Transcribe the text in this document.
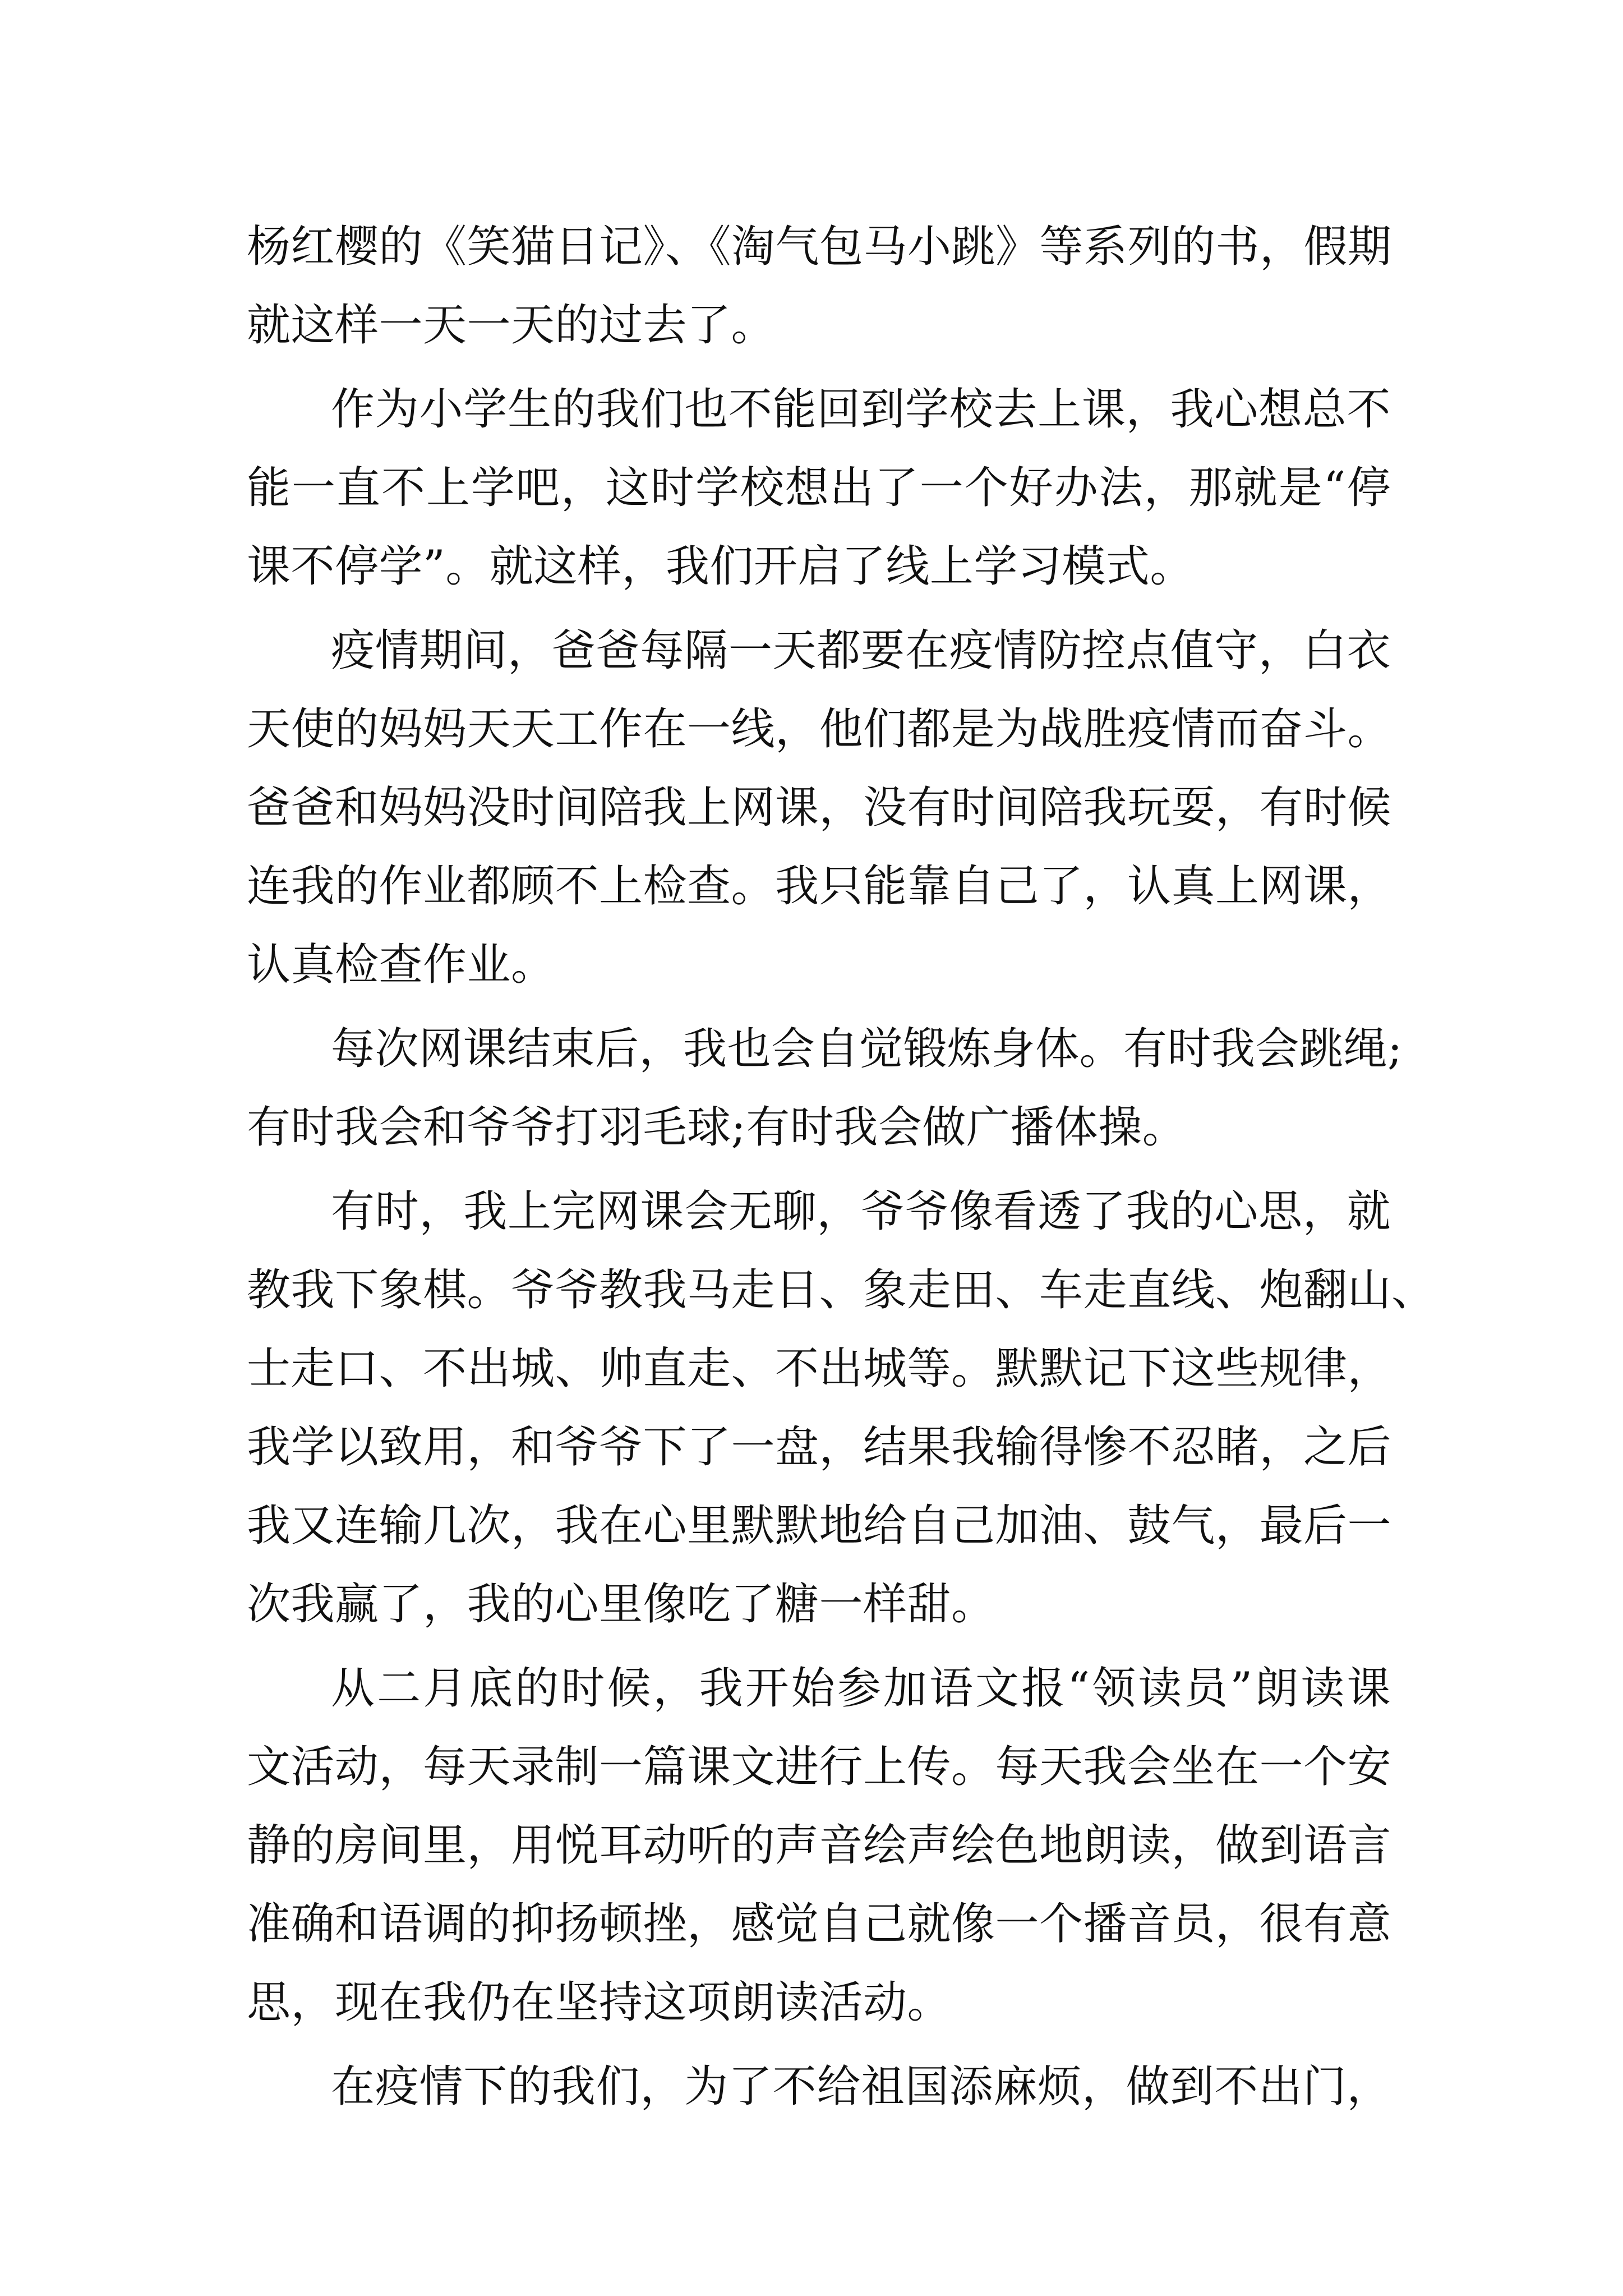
杨红樱的《笑猫日记》、《淘气包马小跳》等系列的书，假期
就这样一天一天的过去了。
作为小学生的我们也不能回到学校去上课，我心想总不
能一直不上学吧，这时学校想出了一个好办法，那就是“停
课不停学”。就这样，我们开启了线上学习模式。
疫情期间，爸爸每隔一天都要在疫情防控点值守，白衣
天使的妈妈天天工作在一线，他们都是为战胜疫情而奋斗。
爸爸和妈妈没时间陪我上网课，没有时间陪我玩耍，有时候
连我的作业都顾不上检查。我只能靠自己了，认真上网课，
认真检查作业。
每次网课结束后，我也会自觉锻炼身体。有时我会跳绳;
有时我会和爷爷打羽毛球;有时我会做广播体操。
有时，我上完网课会无聊，爷爷像看透了我的心思，就
教我下象棋。爷爷教我马走日、象走田、车走直线、炮翻山、
士走口、不出城、帅直走、不出城等。默默记下这些规律，
我学以致用，和爷爷下了一盘，结果我输得惨不忍睹，之后
我又连输几次，我在心里默默地给自己加油、鼓气，最后一
次我赢了，我的心里像吃了糖一样甜。
从二月底的时候，我开始参加语文报“领读员”朗读课
文活动，每天录制一篇课文进行上传。每天我会坐在一个安
静的房间里，用悦耳动听的声音绘声绘色地朗读，做到语言
准确和语调的抑扬顿挫，感觉自己就像一个播音员，很有意
思，现在我仍在坚持这项朗读活动。
在疫情下的我们，为了不给祖国添麻烦，做到不出门，
